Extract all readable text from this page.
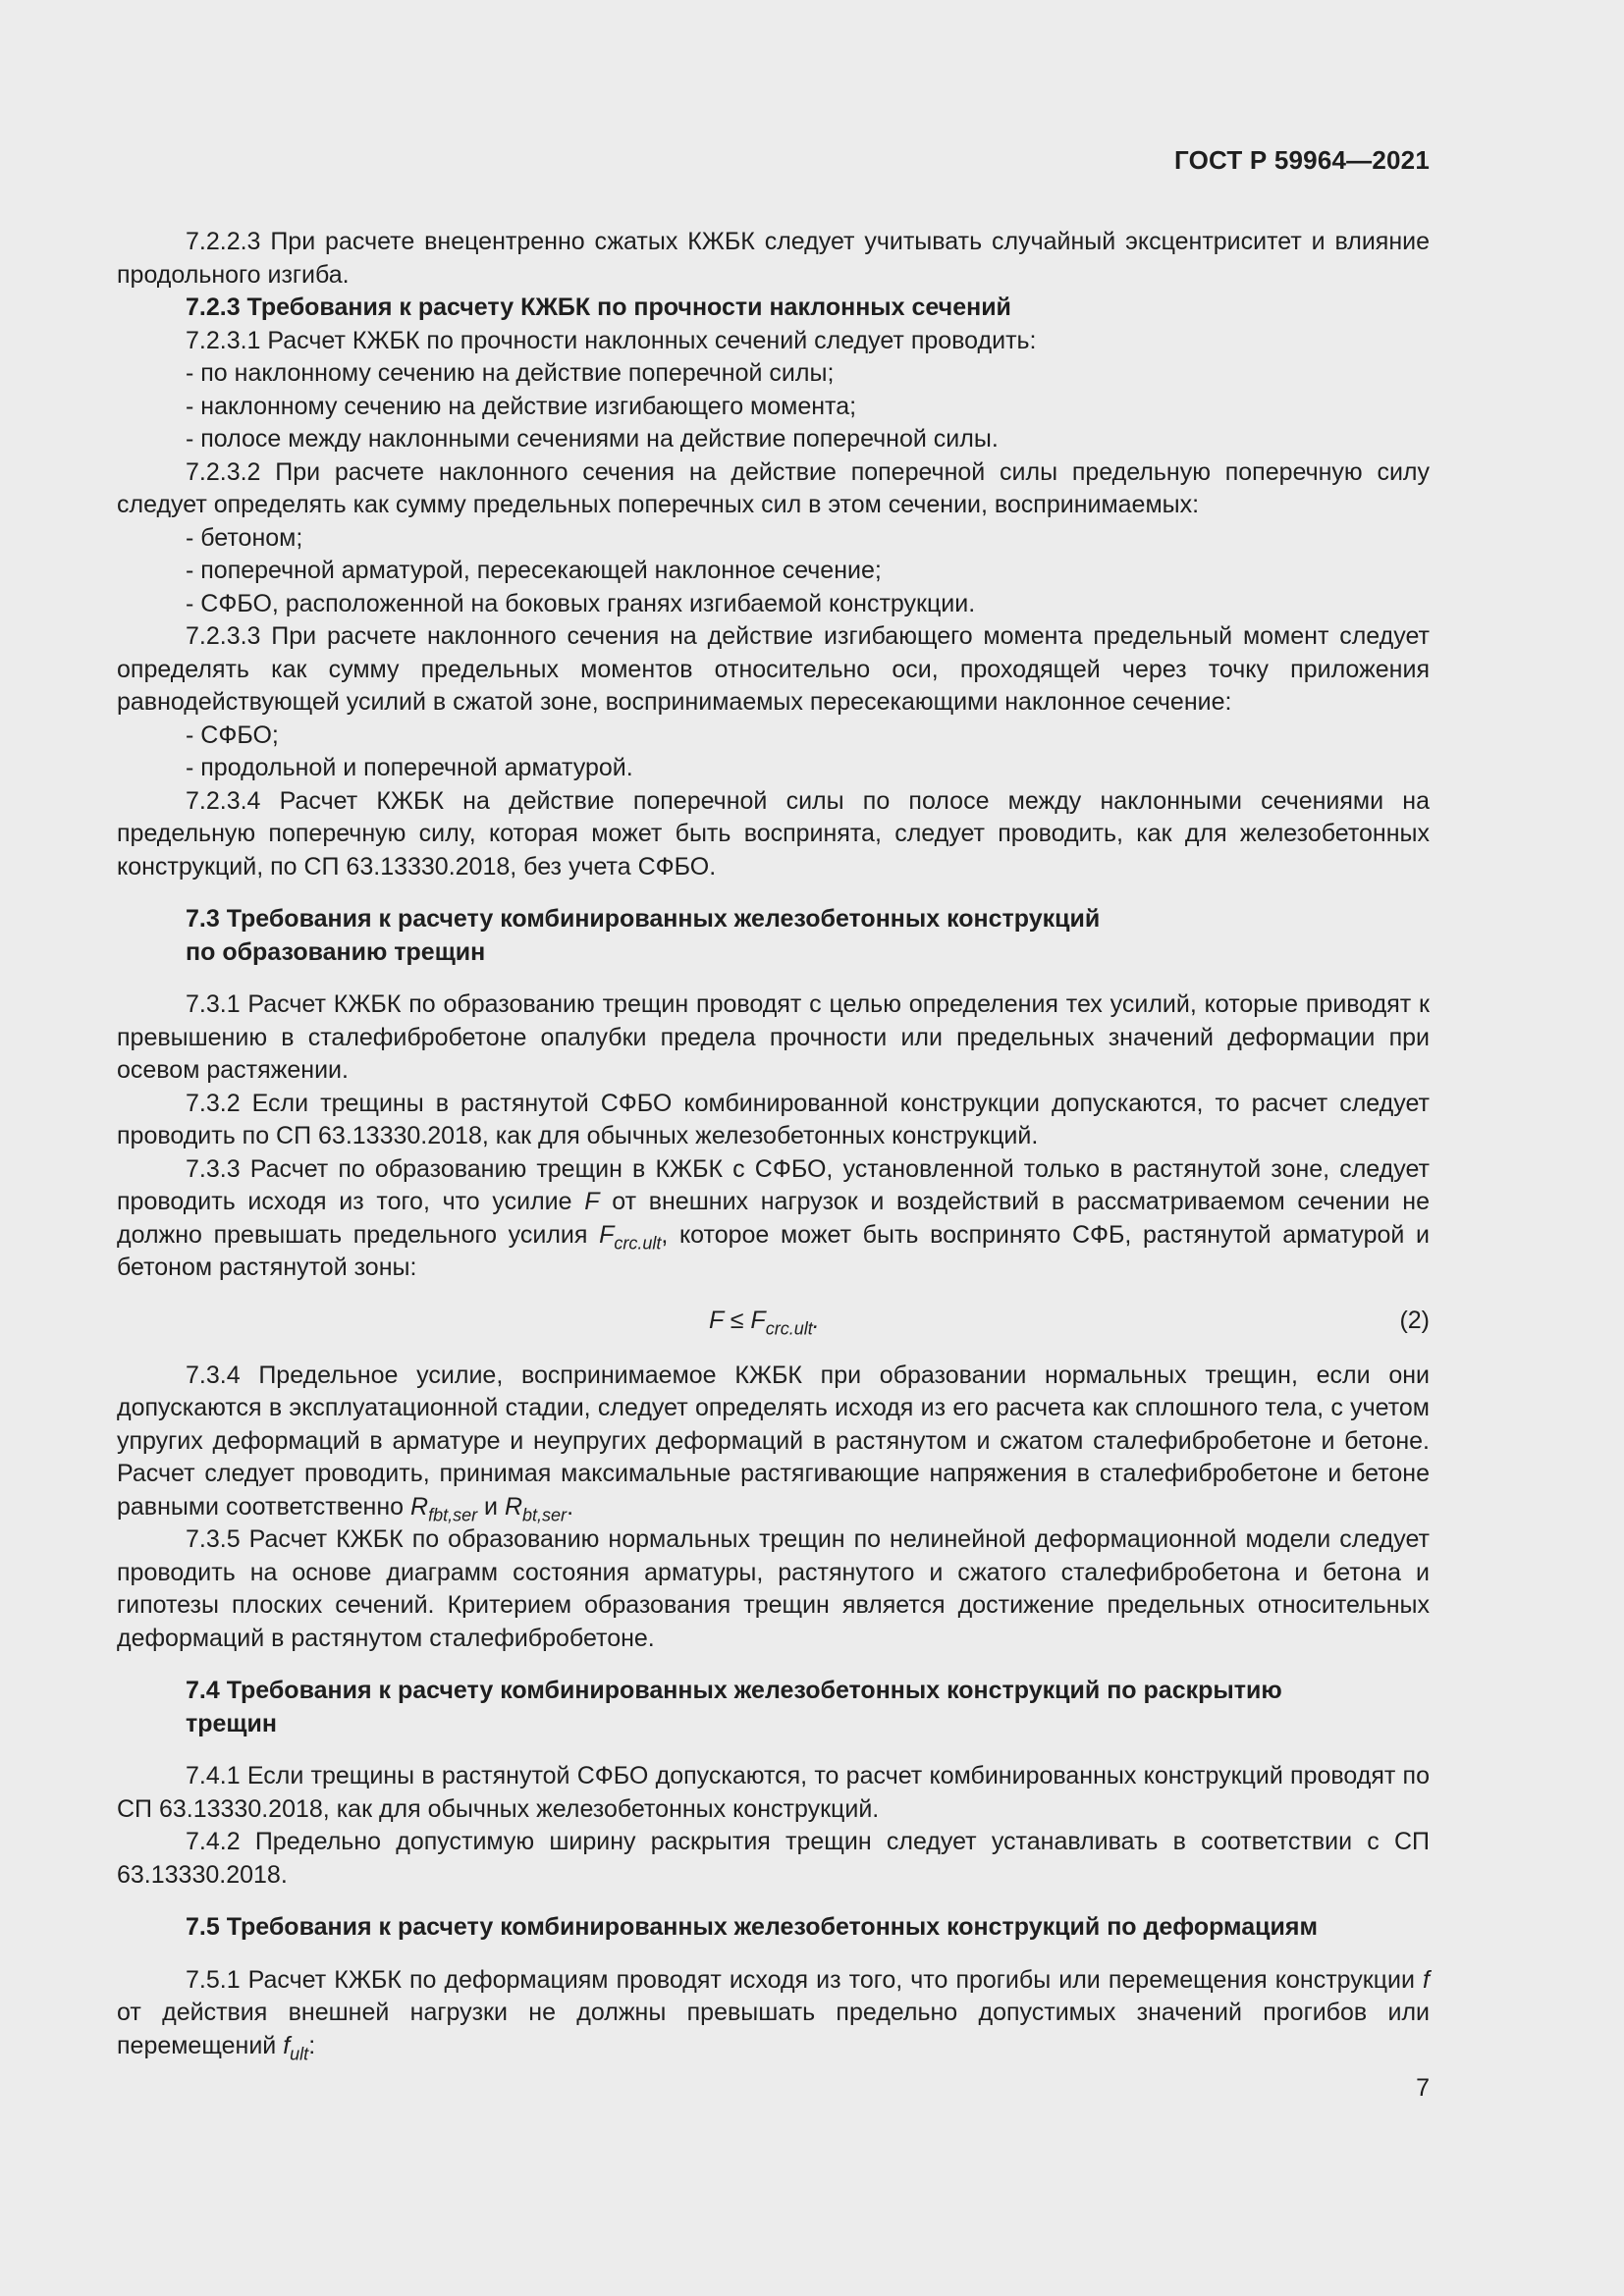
ГОСТ Р 59964—2021

7.2.2.3 При расчете внецентренно сжатых КЖБК следует учитывать случайный эксцентриситет и влияние продольного изгиба.

7.2.3 Требования к расчету КЖБК по прочности наклонных сечений

7.2.3.1 Расчет КЖБК по прочности наклонных сечений следует проводить:

- по наклонному сечению на действие поперечной силы;

- наклонному сечению на действие изгибающего момента;

- полосе между наклонными сечениями на действие поперечной силы.

7.2.3.2 При расчете наклонного сечения на действие поперечной силы предельную поперечную силу следует определять как сумму предельных поперечных сил в этом сечении, воспринимаемых:

- бетоном;

- поперечной арматурой, пересекающей наклонное сечение;

- СФБО, расположенной на боковых гранях изгибаемой конструкции.

7.2.3.3 При расчете наклонного сечения на действие изгибающего момента предельный момент следует определять как сумму предельных моментов относительно оси, проходящей через точку приложения равнодействующей усилий в сжатой зоне, воспринимаемых пересекающими наклонное сечение:

- СФБО;

- продольной и поперечной арматурой.

7.2.3.4 Расчет КЖБК на действие поперечной силы по полосе между наклонными сечениями на предельную поперечную силу, которая может быть воспринята, следует проводить, как для железобетонных конструкций, по СП 63.13330.2018, без учета СФБО.

7.3 Требования к расчету комбинированных железобетонных конструкций
по образованию трещин

7.3.1 Расчет КЖБК по образованию трещин проводят с целью определения тех усилий, которые приводят к превышению в сталефибробетоне опалубки предела прочности или предельных значений деформации при осевом растяжении.

7.3.2 Если трещины в растянутой СФБО комбинированной конструкции допускаются, то расчет следует проводить по СП 63.13330.2018, как для обычных железобетонных конструкций.

7.3.3 Расчет по образованию трещин в КЖБК с СФБО, установленной только в растянутой зоне, следует проводить исходя из того, что усилие F от внешних нагрузок и воздействий в рассматриваемом сечении не должно превышать предельного усилия $F_{crc.ult}$, которое может быть воспринято СФБ, растянутой арматурой и бетоном растянутой зоны:

$F \le F_{crc.ult}$.	(2)

7.3.4 Предельное усилие, воспринимаемое КЖБК при образовании нормальных трещин, если они допускаются в эксплуатационной стадии, следует определять исходя из его расчета как сплошного тела, с учетом упругих деформаций в арматуре и неупругих деформаций в растянутом и сжатом сталефибробетоне и бетоне. Расчет следует проводить, принимая максимальные растягивающие напряжения в сталефибробетоне и бетоне равными соответственно $R_{fbt,ser}$ и $R_{bt,ser}$.

7.3.5 Расчет КЖБК по образованию нормальных трещин по нелинейной деформационной модели следует проводить на основе диаграмм состояния арматуры, растянутого и сжатого сталефибробетона и бетона и гипотезы плоских сечений. Критерием образования трещин является достижение предельных относительных деформаций в растянутом сталефибробетоне.

7.4 Требования к расчету комбинированных железобетонных конструкций по раскрытию
трещин

7.4.1 Если трещины в растянутой СФБО допускаются, то расчет комбинированных конструкций проводят по СП 63.13330.2018, как для обычных железобетонных конструкций.

7.4.2 Предельно допустимую ширину раскрытия трещин следует устанавливать в соответствии с СП 63.13330.2018.

7.5 Требования к расчету комбинированных железобетонных конструкций по деформациям

7.5.1 Расчет КЖБК по деформациям проводят исходя из того, что прогибы или перемещения конструкции f от действия внешней нагрузки не должны превышать предельно допустимых значений прогибов или перемещений $f_{ult}$:

7
